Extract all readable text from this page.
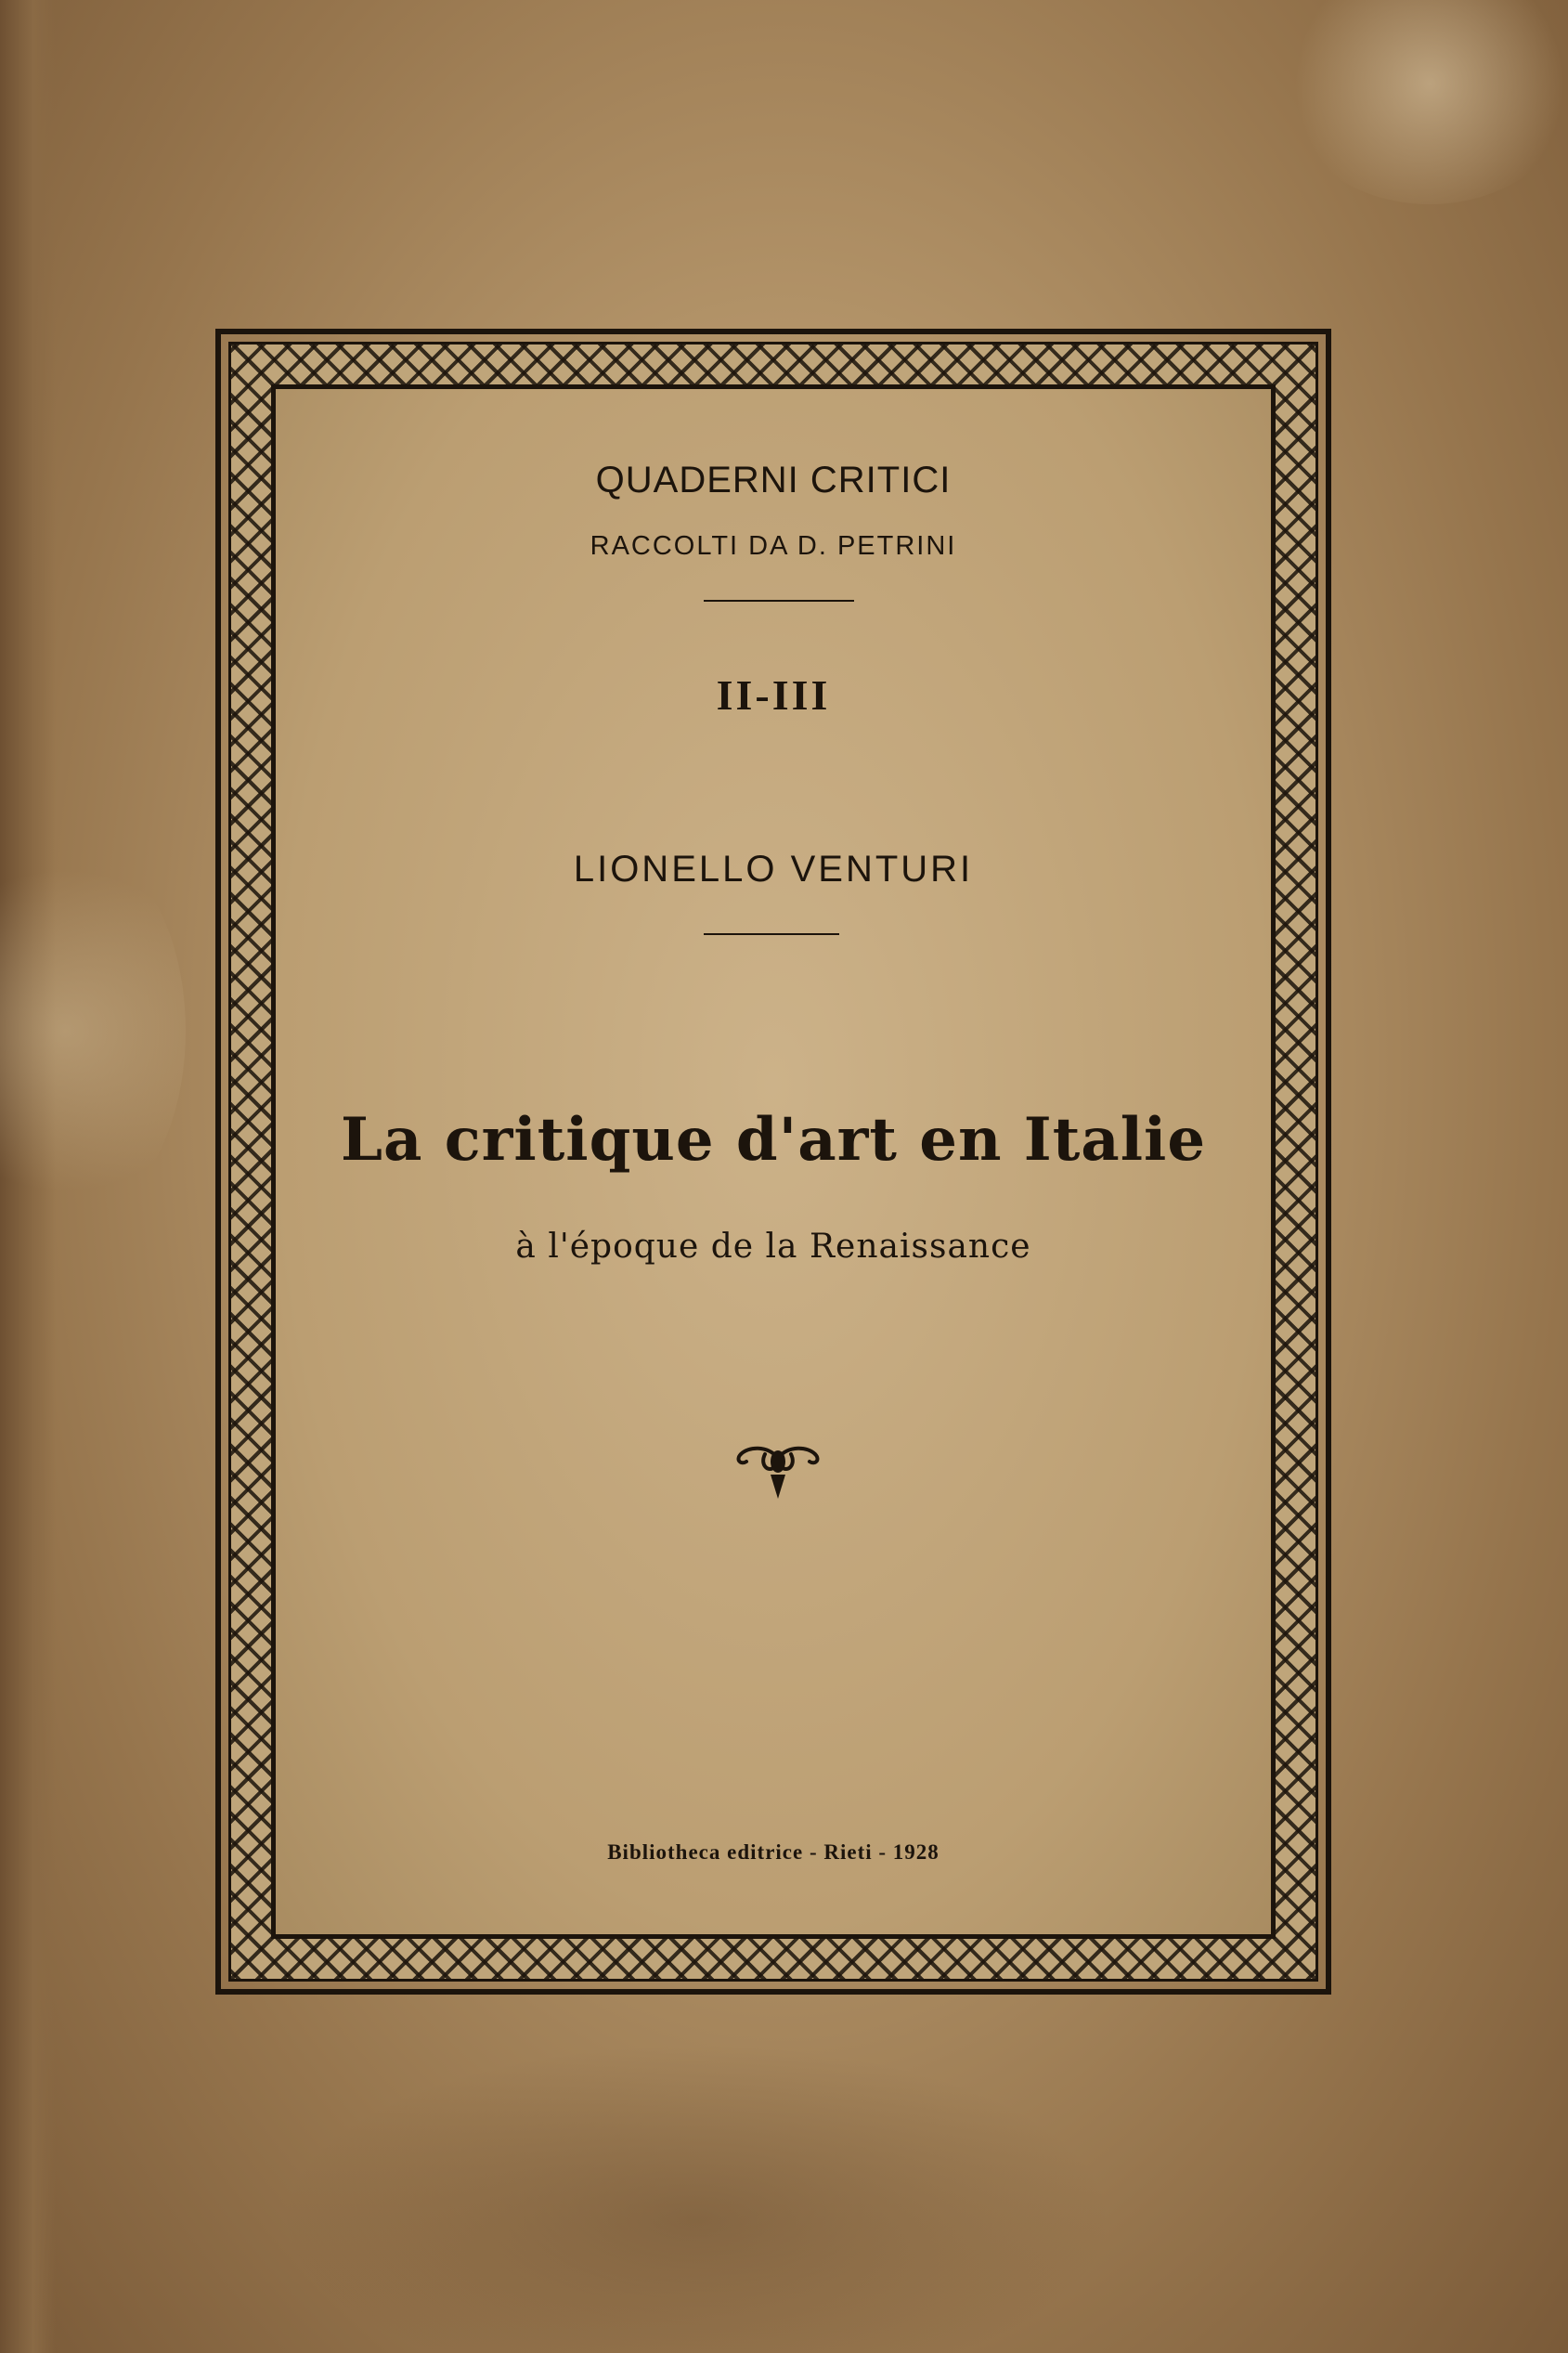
QUADERNI CRITICI
RACCOLTI DA D. PETRINI
II-III
LIONELLO VENTURI
La critique d'art en Italie
à l'époque de la Renaissance
Bibliotheca editrice - Rieti - 1928
